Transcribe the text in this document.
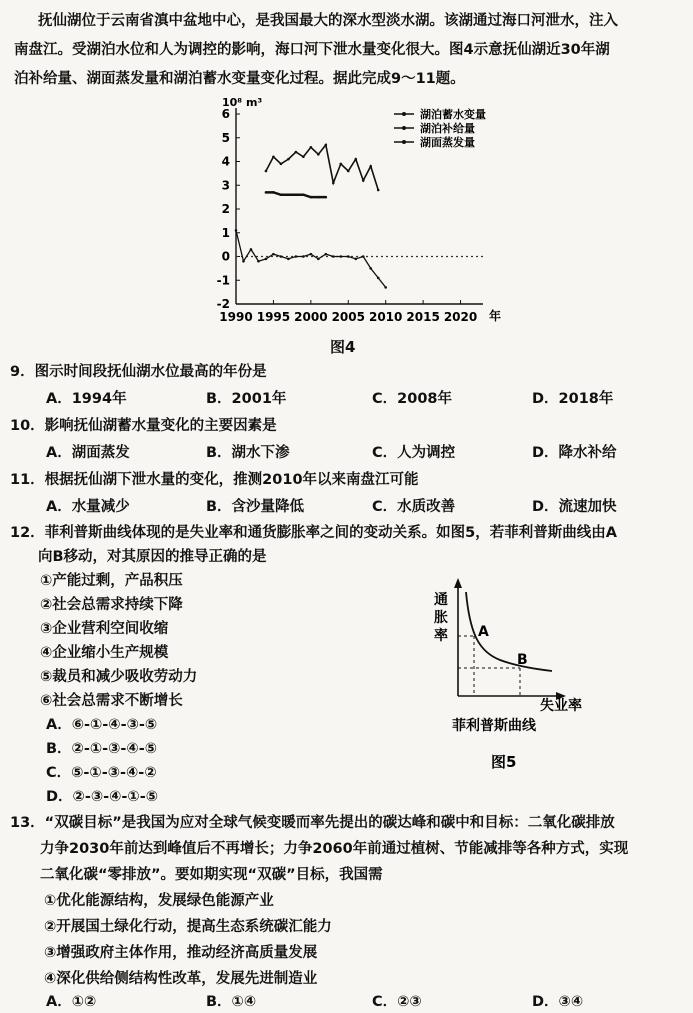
抚仙湖位于云南省滇中盆地中心，是我国最大的深水型淡水湖。该湖通过海口河泄水，注入
南盘江。受湖泊水位和人为调控的影响，海口河下泄水量变化很大。图4示意抚仙湖近30年湖
泊补给量、湖面蒸发量和湖泊蓄水变量变化过程。据此完成9～11题。
-2
-1
0
1
2
3
4
5
6
1990 1995 2000 2005 2010 2015 2020
10⁸ m³
年
湖泊蓄水变量
湖泊补给量
湖面蒸发量
图4
9．图示时间段抚仙湖水位最高的年份是
A．1994年	B．2001年	C．2008年	D．2018年
10．影响抚仙湖蓄水量变化的主要因素是
A．湖面蒸发	B．湖水下渗	C．人为调控	D．降水补给
11．根据抚仙湖下泄水量的变化，推测2010年以来南盘江可能
A．水量减少	B．含沙量降低	C．水质改善	D．流速加快
12．菲利普斯曲线体现的是失业率和通货膨胀率之间的变动关系。如图5，若菲利普斯曲线由A
向B移动，对其原因的推导正确的是
①产能过剩，产品积压
②社会总需求持续下降
③企业营利空间收缩
④企业缩小生产规模
⑤裁员和减少吸收劳动力
⑥社会总需求不断增长
A．⑥-①-④-③-⑤
B．②-①-③-④-⑤
C．⑤-①-③-④-②
D．②-③-④-①-⑤
通
胀
率 A
B
失业率
菲利普斯曲线
图5
13．“双碳目标”是我国为应对全球气候变暖而率先提出的碳达峰和碳中和目标：二氧化碳排放
力争2030年前达到峰值后不再增长；力争2060年前通过植树、节能减排等各种方式，实现
二氧化碳“零排放”。要如期实现“双碳”目标，我国需
①优化能源结构，发展绿色能源产业
②开展国土绿化行动，提高生态系统碳汇能力
③增强政府主体作用，推动经济高质量发展
④深化供给侧结构性改革，发展先进制造业
A．①②	B．①④	C．②③	D．③④
